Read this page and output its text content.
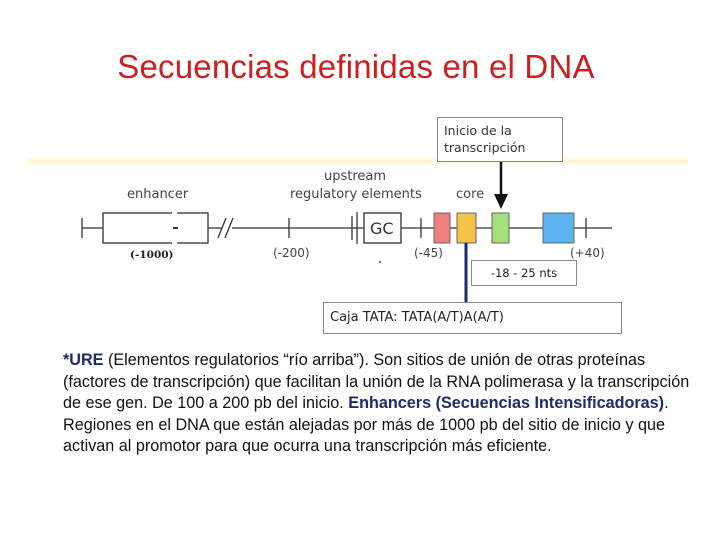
Secuencias definidas en el DNA
enhancer
upstream
regulatory elements	core
GC
(-1000)	(-200)	(-45)	(+40)
Inicio de la
transcripción
-18 - 25 nts
Caja TATA: TATA(A/T)A(A/T)
*URE (Elementos regulatorios “río arriba”). Son sitios de unión de otras proteínas (factores de transcripción) que facilitan la unión de la RNA polimerasa y la transcripción de ese gen. De 100 a 200 pb del inicio. Enhancers (Secuencias Intensificadoras). Regiones en el DNA que están alejadas por más de 1000 pb del sitio de inicio y que activan al promotor para que ocurra una transcripción más eficiente.
